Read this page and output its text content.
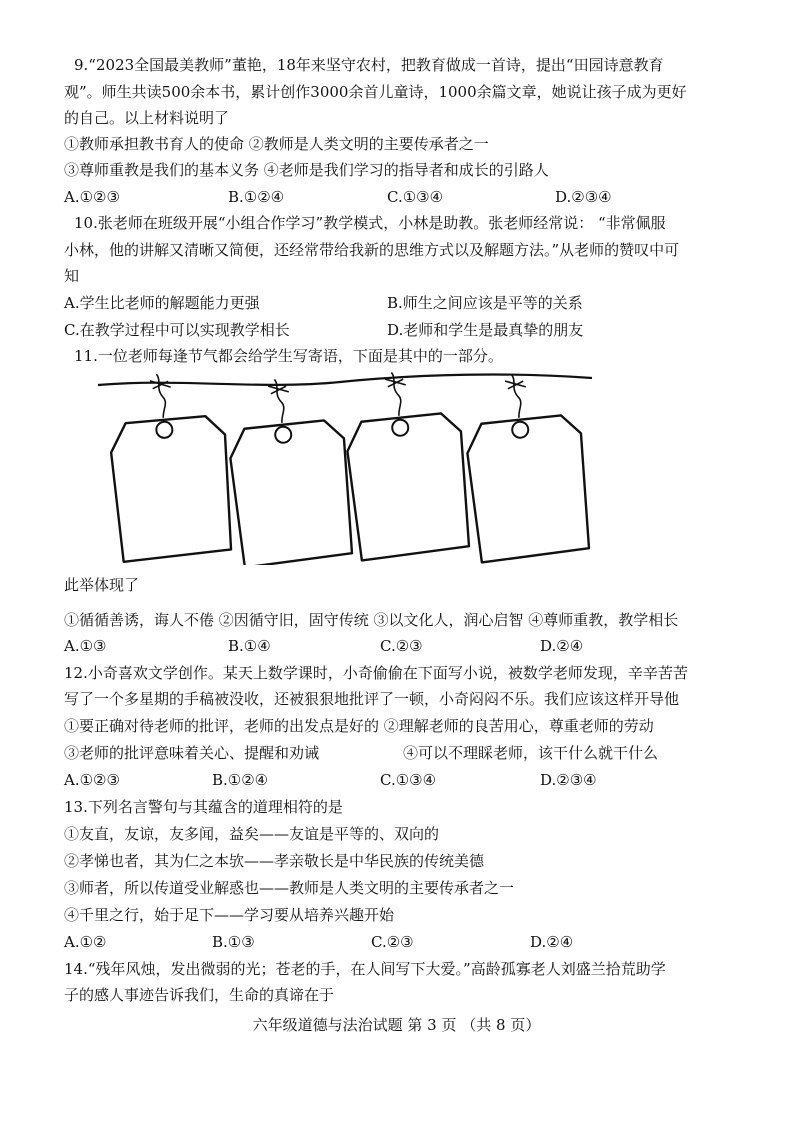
9.“2023全国最美教师”董艳，18年来坚守农村，把教育做成一首诗，提出“田园诗意教育
观”。师生共读500余本书，累计创作3000余首儿童诗，1000余篇文章，她说让孩子成为更好
的自己。以上材料说明了
①教师承担教书育人的使命 ②教师是人类文明的主要传承者之一
③尊师重教是我们的基本义务 ④老师是我们学习的指导者和成长的引路人
A.①②③	B.①②④	C.①③④	D.②③④
10.张老师在班级开展“小组合作学习”教学模式，小林是助教。张老师经常说： “非常佩服
小林，他的讲解又清晰又简便，还经常带给我新的思维方式以及解题方法。”从老师的赞叹中可
知
A.学生比老师的解题能力更强	B.师生之间应该是平等的关系
C.在教学过程中可以实现教学相长	D.老师和学生是最真挚的朋友
11.一位老师每逢节气都会给学生写寄语，下面是其中的一部分。
此举体现了
①循循善诱，诲人不倦 ②因循守旧，固守传统 ③以文化人，润心启智 ④尊师重教，教学相长
A.①③	B.①④	C.②③	D.②④
12.小奇喜欢文学创作。某天上数学课时，小奇偷偷在下面写小说，被数学老师发现，辛辛苦苦
写了一个多星期的手稿被没收，还被狠狠地批评了一顿，小奇闷闷不乐。我们应该这样开导他
①要正确对待老师的批评，老师的出发点是好的 ②理解老师的良苦用心，尊重老师的劳动
③老师的批评意味着关心、提醒和劝诫	④可以不理睬老师，该干什么就干什么
A.①②③	B.①②④	C.①③④	D.②③④
13.下列名言警句与其蕴含的道理相符的是
①友直，友谅，友多闻，益矣——友谊是平等的、双向的
②孝悌也者，其为仁之本欤——孝亲敬长是中华民族的传统美德
③师者，所以传道受业解惑也——教师是人类文明的主要传承者之一
④千里之行，始于足下——学习要从培养兴趣开始
A.①②	B.①③	C.②③	D.②④
14.“残年风烛，发出微弱的光；苍老的手，在人间写下大爱。”高龄孤寡老人刘盛兰拾荒助学
子的感人事迹告诉我们，生命的真谛在于
六年级道德与法治试题 第 3 页 （共 8 页）
